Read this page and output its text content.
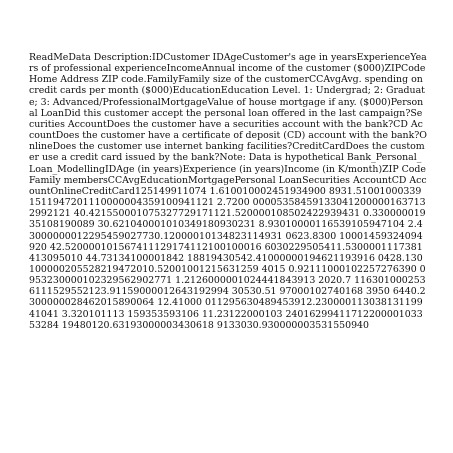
ReadMeData Description:IDCustomer IDAgeCustomer's age in yearsExperienceYears of professional experienceIncomeAnnual income of the customer ($000)ZIPCodeHome Address ZIP code.FamilyFamily size of the customerCCAvgAvg. spending on credit cards per month ($000)EducationEducation Level. 1: Undergrad; 2: Graduate; 3: Advanced/ProfessionalMortgageValue of house mortgage if any. ($000)Personal LoanDid this customer accept the personal loan offered in the last campaign?Securities AccountDoes the customer have a securities account with the bank?CD AccountDoes the customer have a certificate of deposit (CD) account with the bank?OnlineDoes the customer use internet banking facilities?CreditCardDoes the customer use a credit card issued by the bank?Note: Data is hypothetical Bank_Personal_Loan_ModellingIDAge (in years)Experience (in years)Income (in K/month)ZIP CodeFamily membersCCAvgEducationMortgagePersonal LoanSecurities AccountCD AccountOnlineCreditCard125149911074 1.610010002451934900 8931.510010003391511947201110000004359100941121 2.7200 000053584591330412000001637132992121 40.421550001075327729171121.520000108502422939431 0.33000001935108190089 30.621040001010349180930231 8.93010000116539105947104 2.43000000012295459027730.12000010134823114931 0623.8300 10001459324094920 42.520000101567411129174112100100016 6030229505411.5300001117381413095010 44.73134100001842 18819430542.41000000194621193916 0428.130100000205528219472010.52001001215631259 4015 0.92111000102257276390 0953230000102329562902771 1.2126000001024441843913 2020.7 1163010002536111529552123.91159000012643192994 30530.51 97000102740168 3950 6440.2300000028462015890064 12.41000 011295630489453912.23000011303813119941041 3.320101113 159353593106 11.23122000103 2401629941171220000103353284 19480120.63193000003430618 9133030.930000003531550940
